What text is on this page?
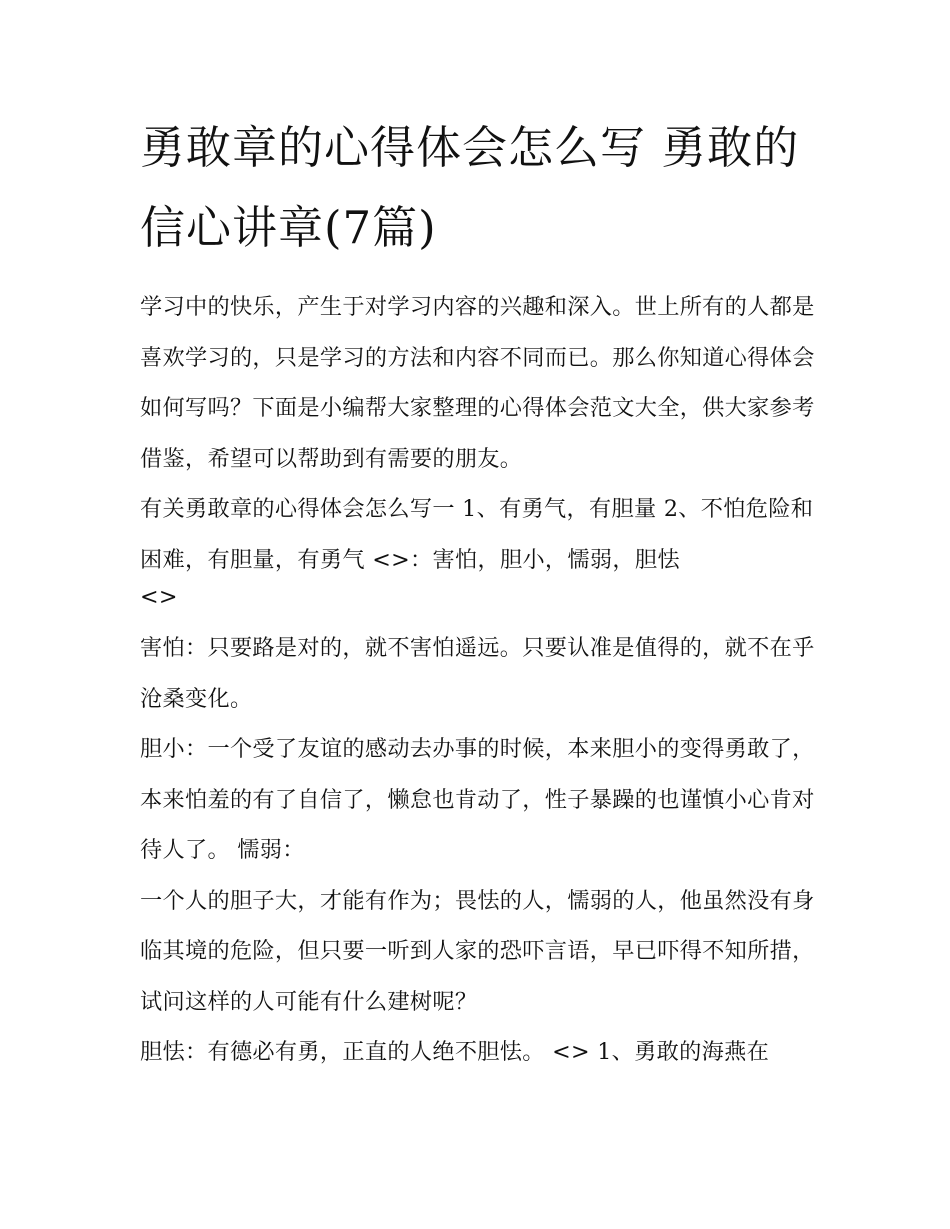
勇敢章的心得体会怎么写 勇敢的信心讲章(7篇)

学习中的快乐，产生于对学习内容的兴趣和深入。世上所有的人都是喜欢学习的，只是学习的方法和内容不同而已。那么你知道心得体会如何写吗？下面是小编帮大家整理的心得体会范文大全，供大家参考借鉴，希望可以帮助到有需要的朋友。

有关勇敢章的心得体会怎么写一 1、有勇气，有胆量 2、不怕危险和困难，有胆量，有勇气 <>：害怕，胆小，懦弱，胆怯

<>

害怕：只要路是对的，就不害怕遥远。只要认准是值得的，就不在乎沧桑变化。

胆小：一个受了友谊的感动去办事的时候，本来胆小的变得勇敢了，本来怕羞的有了自信了，懒怠也肯动了，性子暴躁的也谨慎小心肯对待人了。 懦弱：

一个人的胆子大，才能有作为；畏怯的人，懦弱的人，他虽然没有身临其境的危险，但只要一听到人家的恐吓言语，早已吓得不知所措，试问这样的人可能有什么建树呢？

胆怯：有德必有勇，正直的人绝不胆怯。 <> 1、勇敢的海燕在
